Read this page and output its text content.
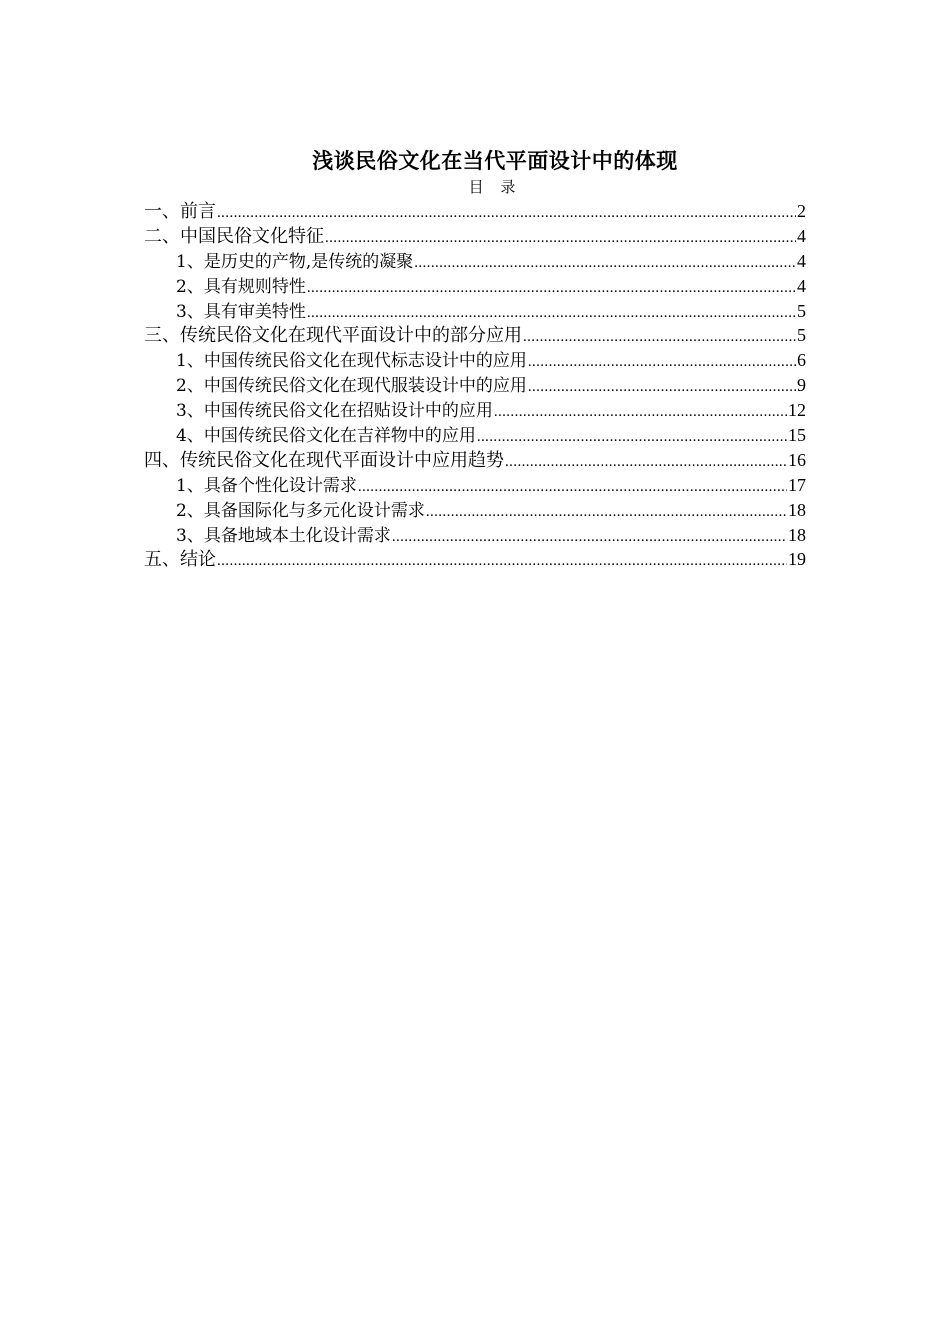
浅谈民俗文化在当代平面设计中的体现
目 录
一、前言 .....	2
二、中国民俗文化特征 .....	4
1、是历史的产物,是传统的凝聚 .....	4
2、具有规则特性 .....	4
3、具有审美特性 .....	5
三、传统民俗文化在现代平面设计中的部分应用 .....	5
1、中国传统民俗文化在现代标志设计中的应用 .....	6
2、中国传统民俗文化在现代服装设计中的应用 .....	9
3、中国传统民俗文化在招贴设计中的应用 .....	12
4、中国传统民俗文化在吉祥物中的应用 .....	15
四、传统民俗文化在现代平面设计中应用趋势 .....	16
1、具备个性化设计需求 .....	17
2、具备国际化与多元化设计需求 .....	18
3、具备地域本土化设计需求 .....	18
五、结论 .....	19
